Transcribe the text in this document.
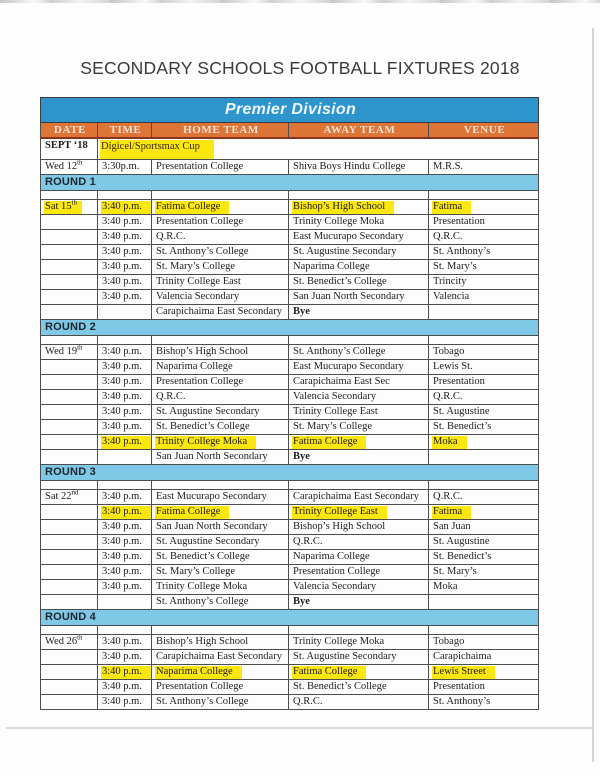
SECONDARY SCHOOLS FOOTBALL FIXTURES 2018
Premier Division				
DATE	TIME	HOME TEAM	AWAY TEAM	VENUE
SEPT ‘18	Digicel/Sportsmax Cup			
Wed 12th	3:30p.m.	Presentation College	Shiva Boys Hindu College	M.R.S.
ROUND 1				

Sat 15th	3:40 p.m.	Fatima College	Bishop’s High School	Fatima
	3:40 p.m.	Presentation College	Trinity College Moka	Presentation
	3:40 p.m.	Q.R.C.	East Mucurapo Secondary	Q.R.C.
	3:40 p.m.	St. Anthony’s College	St. Augustine Secondary	St. Anthony’s
	3:40 p.m.	St. Mary’s College	Naparima College	St. Mary’s
	3:40 p.m.	Trinity College East	St. Benedict’s College	Trincity
	3:40 p.m.	Valencia Secondary	San Juan North Secondary	Valencia
		Carapichaima East Secondary	Bye	
ROUND 2				

Wed 19th	3:40 p.m.	Bishop’s High School	St. Anthony’s College	Tobago
	3:40 p.m.	Naparima College	East Mucurapo Secondary	Lewis St.
	3:40 p.m.	Presentation College	Carapichaima East Sec	Presentation
	3:40 p.m.	Q.R.C.	Valencia Secondary	Q.R.C.
	3:40 p.m.	St. Augustine Secondary	Trinity College East	St. Augustine
	3:40 p.m.	St. Benedict’s College	St. Mary’s College	St. Benedict’s
	3:40 p.m.	Trinity College Moka	Fatima College	Moka
		San Juan North Secondary	Bye	
ROUND 3				

Sat 22nd	3:40 p.m.	East Mucurapo Secondary	Carapichaima East Secondary	Q.R.C.
	3:40 p.m.	Fatima College	Trinity College East	Fatima
	3:40 p.m.	San Juan North Secondary	Bishop’s High School	San Juan
	3:40 p.m.	St. Augustine Secondary	Q.R.C.	St. Augustine
	3:40 p.m.	St. Benedict’s College	Naparima College	St. Benedict’s
	3:40 p.m.	St. Mary’s College	Presentation College	St. Mary’s
	3:40 p.m.	Trinity College Moka	Valencia Secondary	Moka
		St. Anthony’s College	Bye	
ROUND 4				

Wed 26th	3:40 p.m.	Bishop’s High School	Trinity College Moka	Tobago
	3:40 p.m.	Carapichaima East Secondary	St. Augustine Secondary	Carapichaima
	3:40 p.m.	Naparima College	Fatima College	Lewis Street
	3:40 p.m.	Presentation College	St. Benedict’s College	Presentation
	3:40 p.m.	St. Anthony’s College	Q.R.C.	St. Anthony’s
